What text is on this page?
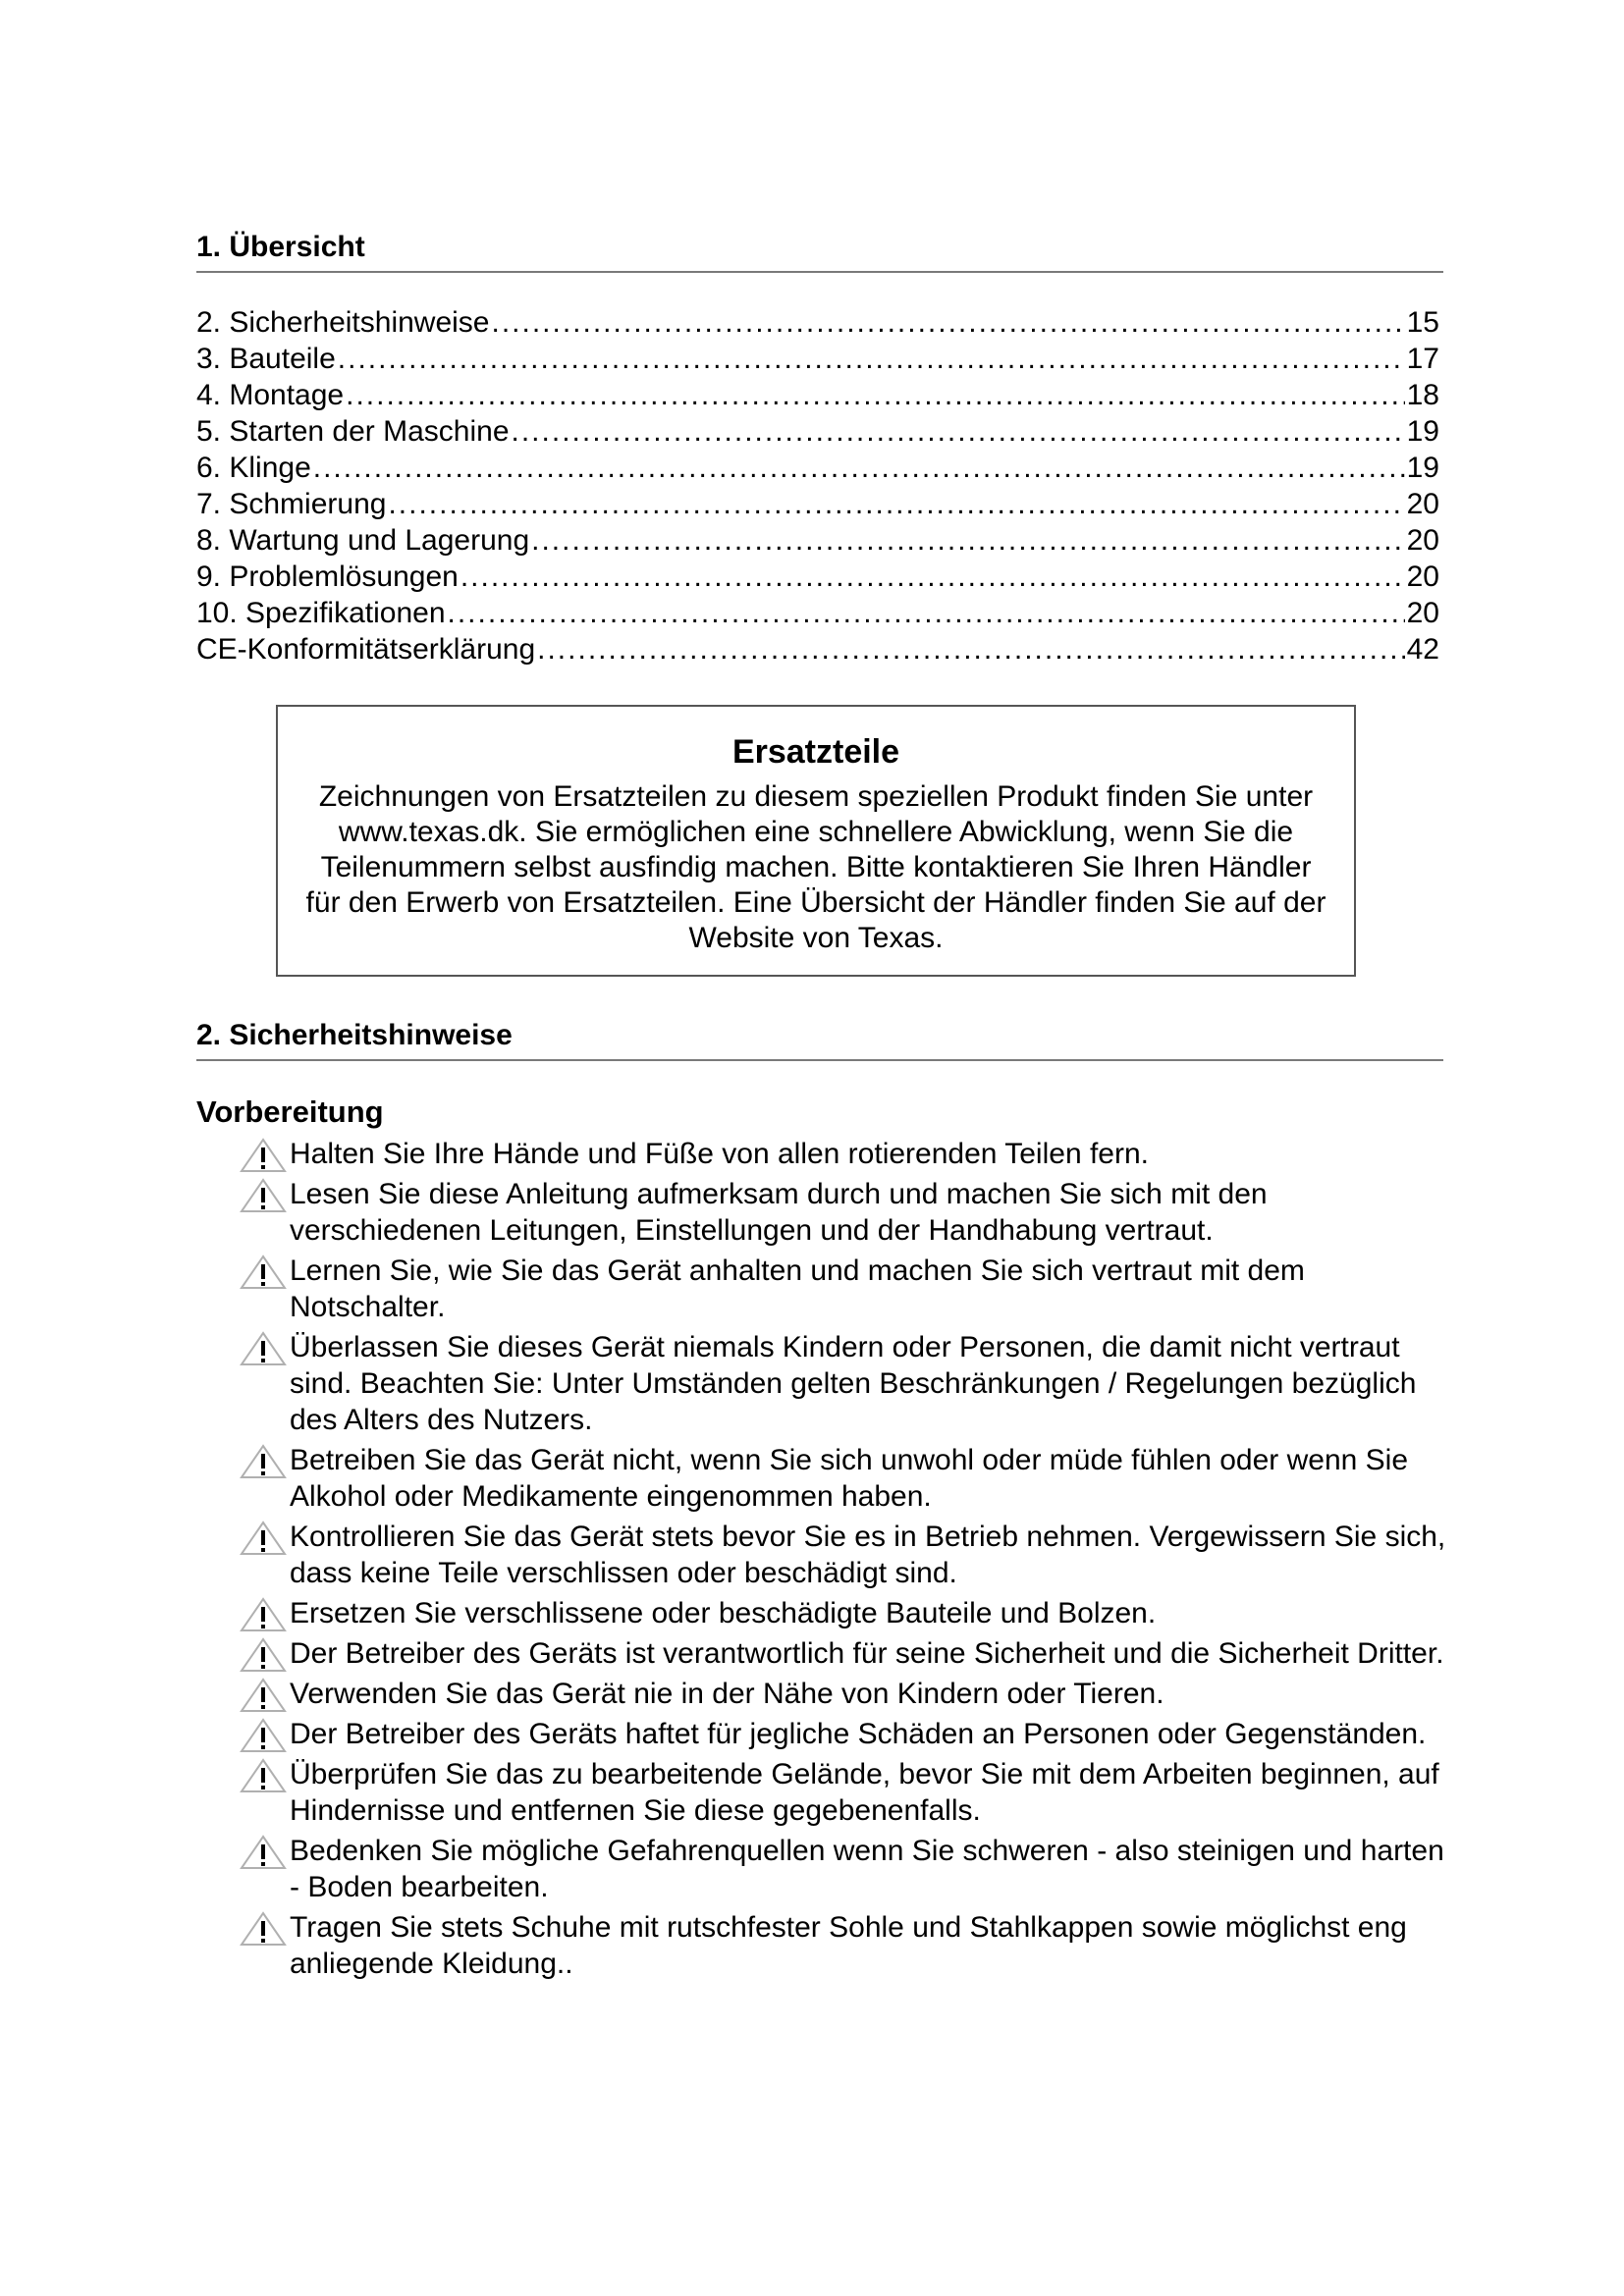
1. Übersicht
2. Sicherheitshinweise .....	15
3. Bauteile .....	17
4. Montage .....	18
5. Starten der Maschine .....	19
6. Klinge .....	19
7. Schmierung .....	20
8. Wartung und Lagerung .....	20
9. Problemlösungen .....	20
10. Spezifikationen .....	20
CE-Konformitätserklärung .....	42
Ersatzteile
Zeichnungen von Ersatzteilen zu diesem speziellen Produkt finden Sie unter www.texas.dk. Sie ermöglichen eine schnellere Abwicklung, wenn Sie die Teilenummern selbst ausfindig machen. Bitte kontaktieren Sie Ihren Händler für den Erwerb von Ersatzteilen. Eine Übersicht der Händler finden Sie auf der Website von Texas.
2. Sicherheitshinweise
Vorbereitung
Halten Sie Ihre Hände und Füße von allen rotierenden Teilen fern.
Lesen Sie diese Anleitung aufmerksam durch und machen Sie sich mit den verschiedenen Leitungen, Einstellungen und der Handhabung vertraut.
Lernen Sie, wie Sie das Gerät anhalten und machen Sie sich vertraut mit dem Notschalter.
Überlassen Sie dieses Gerät niemals Kindern oder Personen, die damit nicht vertraut sind. Beachten Sie: Unter Umständen gelten Beschränkungen / Regelungen bezüglich des Alters des Nutzers.
Betreiben Sie das Gerät nicht, wenn Sie sich unwohl oder müde fühlen oder wenn Sie Alkohol oder Medikamente eingenommen haben.
Kontrollieren Sie das Gerät stets bevor Sie es in Betrieb nehmen. Vergewissern Sie sich, dass keine Teile verschlissen oder beschädigt sind.
Ersetzen Sie verschlissene oder beschädigte Bauteile und Bolzen.
Der Betreiber des Geräts ist verantwortlich für seine Sicherheit und die Sicherheit Dritter.
Verwenden Sie das Gerät nie in der Nähe von Kindern oder Tieren.
Der Betreiber des Geräts haftet für jegliche Schäden an Personen oder Gegenständen.
Überprüfen Sie das zu bearbeitende Gelände, bevor Sie mit dem Arbeiten beginnen, auf Hindernisse und entfernen Sie diese gegebenenfalls.
Bedenken Sie mögliche Gefahrenquellen wenn Sie schweren - also steinigen und harten - Boden bearbeiten.
Tragen Sie stets Schuhe mit rutschfester Sohle und Stahlkappen sowie möglichst eng anliegende Kleidung..
